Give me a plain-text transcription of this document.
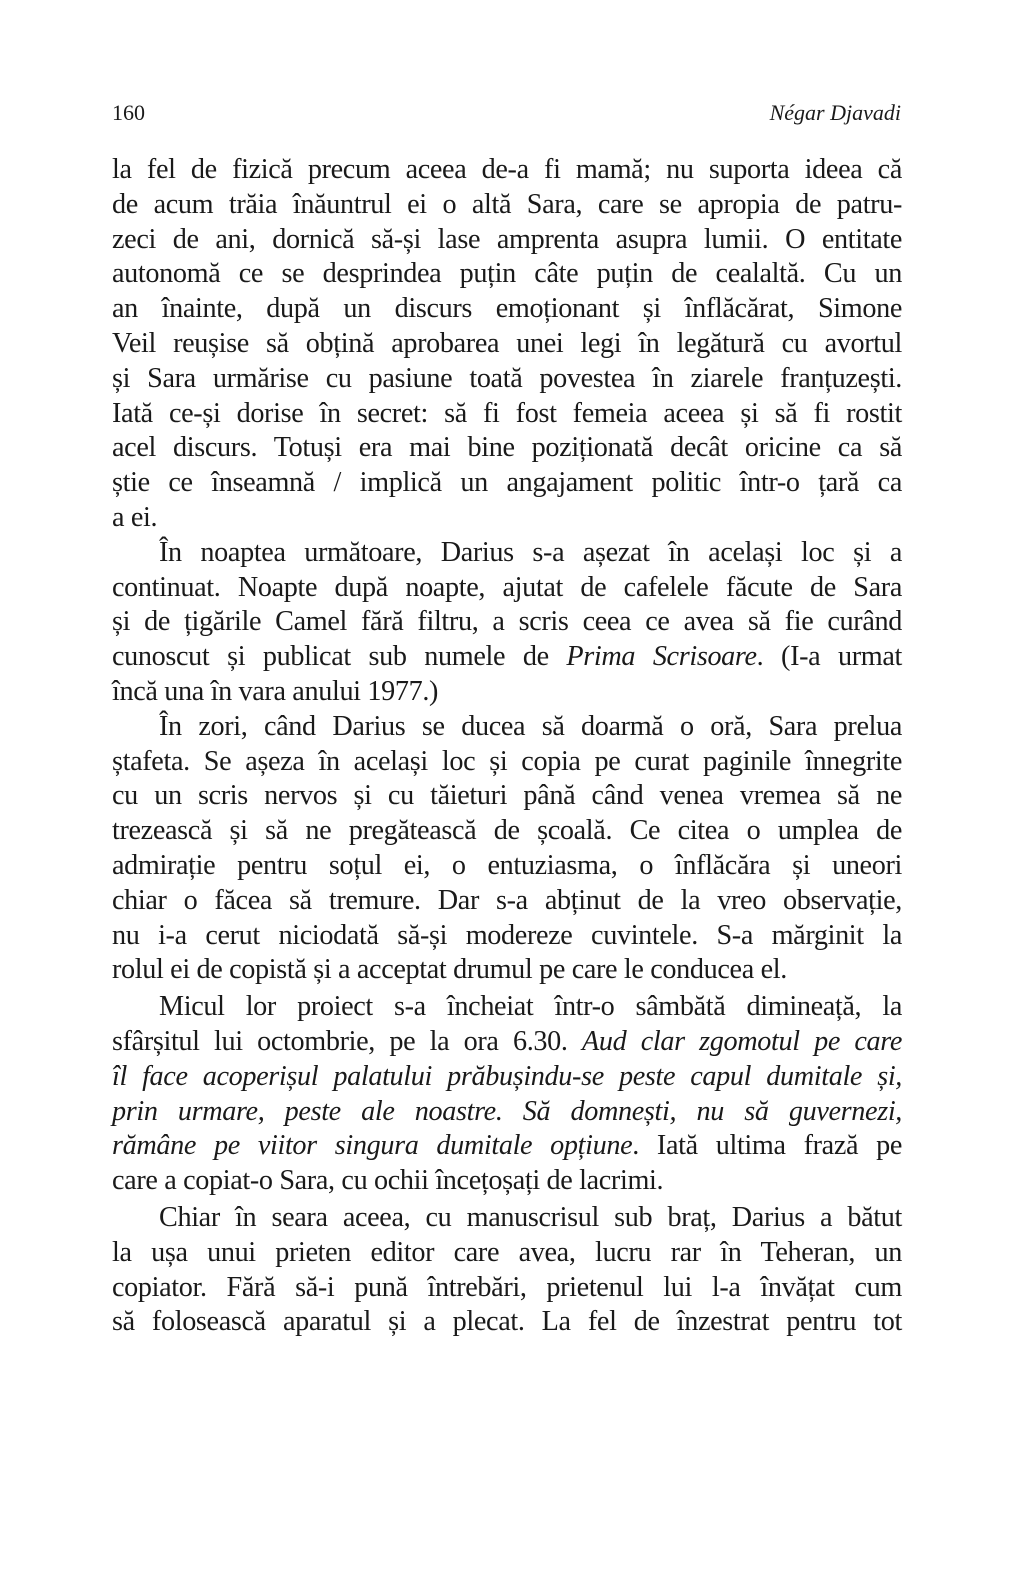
160	Négar Djavadi
la fel de fizică precum aceea de-a fi mamă; nu suporta ideea că
de acum trăia înăuntrul ei o altă Sara, care se apropia de patru-
zeci de ani, dornică să-și lase amprenta asupra lumii. O entitate
autonomă ce se desprindea puțin câte puțin de cealaltă. Cu un
an înainte, după un discurs emoționant și înflăcărat, Simone
Veil reușise să obțină aprobarea unei legi în legătură cu avortul
și Sara urmărise cu pasiune toată povestea în ziarele franțuzești.
Iată ce-și dorise în secret: să fi fost femeia aceea și să fi rostit
acel discurs. Totuși era mai bine poziționată decât oricine ca să
știe ce înseamnă / implică un angajament politic într-o țară ca
a ei.
În noaptea următoare, Darius s-a așezat în același loc și a
continuat. Noapte după noapte, ajutat de cafelele făcute de Sara
și de țigările Camel fără filtru, a scris ceea ce avea să fie curând
cunoscut și publicat sub numele de Prima Scrisoare. (I-a urmat
încă una în vara anului 1977.)
În zori, când Darius se ducea să doarmă o oră, Sara prelua
ștafeta. Se așeza în același loc și copia pe curat paginile înnegrite
cu un scris nervos și cu tăieturi până când venea vremea să ne
trezească și să ne pregătească de școală. Ce citea o umplea de
admirație pentru soțul ei, o entuziasma, o înflăcăra și uneori
chiar o făcea să tremure. Dar s-a abținut de la vreo observație,
nu i-a cerut niciodată să-și modereze cuvintele. S-a mărginit la
rolul ei de copistă și a acceptat drumul pe care le conducea el.
Micul lor proiect s-a încheiat într-o sâmbătă dimineață, la
sfârșitul lui octombrie, pe la ora 6.30. Aud clar zgomotul pe care
îl face acoperișul palatului prăbușindu-se peste capul dumitale și,
prin urmare, peste ale noastre. Să domnești, nu să guvernezi,
rămâne pe viitor singura dumitale opțiune. Iată ultima frază pe
care a copiat-o Sara, cu ochii încețoșați de lacrimi.
Chiar în seara aceea, cu manuscrisul sub braț, Darius a bătut
la ușa unui prieten editor care avea, lucru rar în Teheran, un
copiator. Fără să-i pună întrebări, prietenul lui l-a învățat cum
să folosească aparatul și a plecat. La fel de înzestrat pentru tot
